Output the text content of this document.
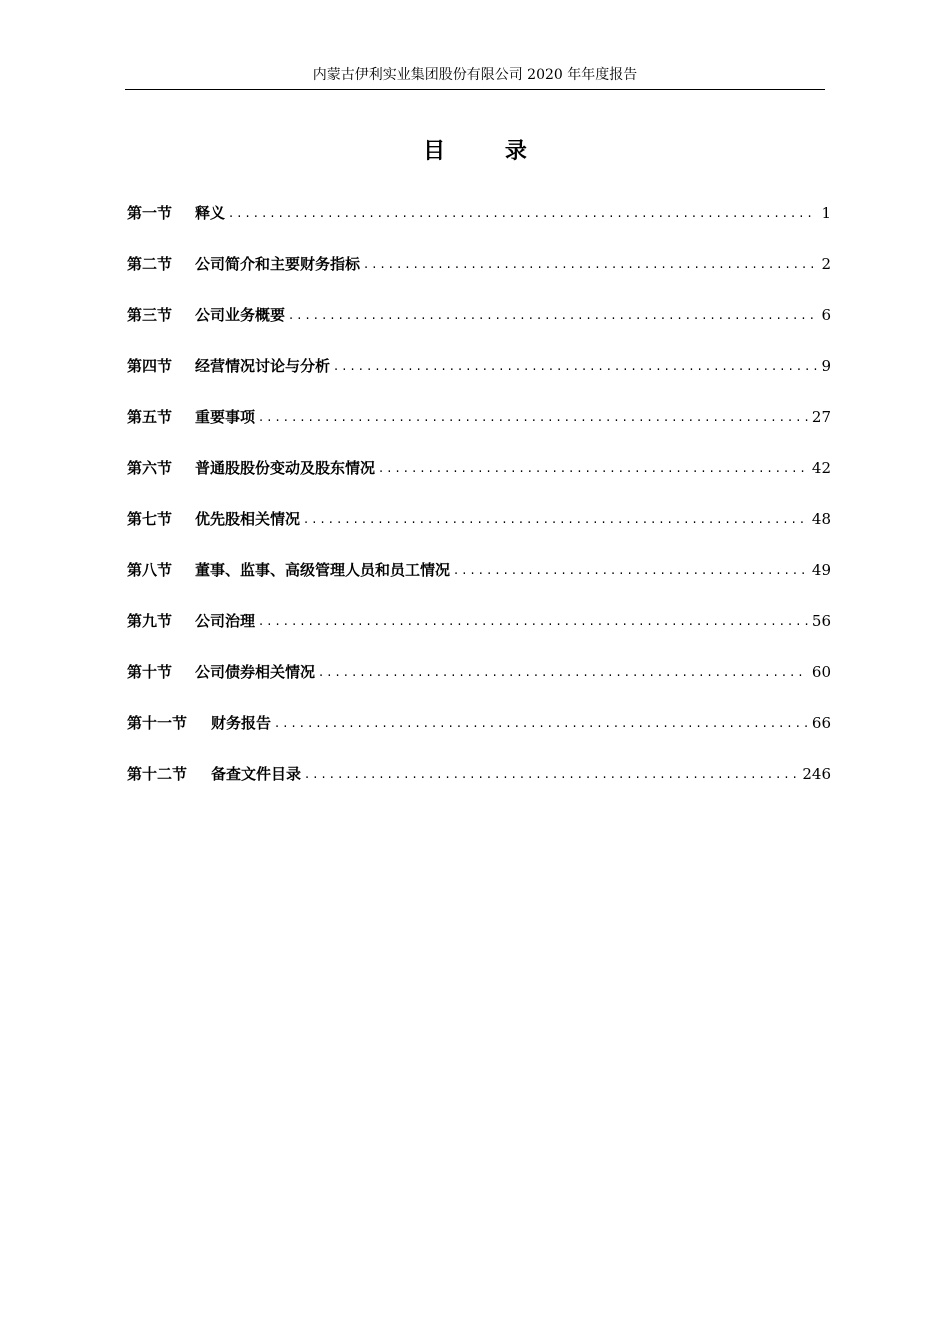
内蒙古伊利实业集团股份有限公司 2020 年年度报告
目 录
第一节	释义 . . .	1
第二节	公司简介和主要财务指标 . . .	2
第三节	公司业务概要 . . .	6
第四节	经营情况讨论与分析 . . .	9
第五节	重要事项 . . .	27
第六节	普通股股份变动及股东情况 . . .	42
第七节	优先股相关情况 . . .	48
第八节	董事、监事、高级管理人员和员工情况 . . .	49
第九节	公司治理 . . .	56
第十节	公司债券相关情况 . . .	60
第十一节	财务报告 . . .	66
第十二节	备查文件目录 . . .	246
